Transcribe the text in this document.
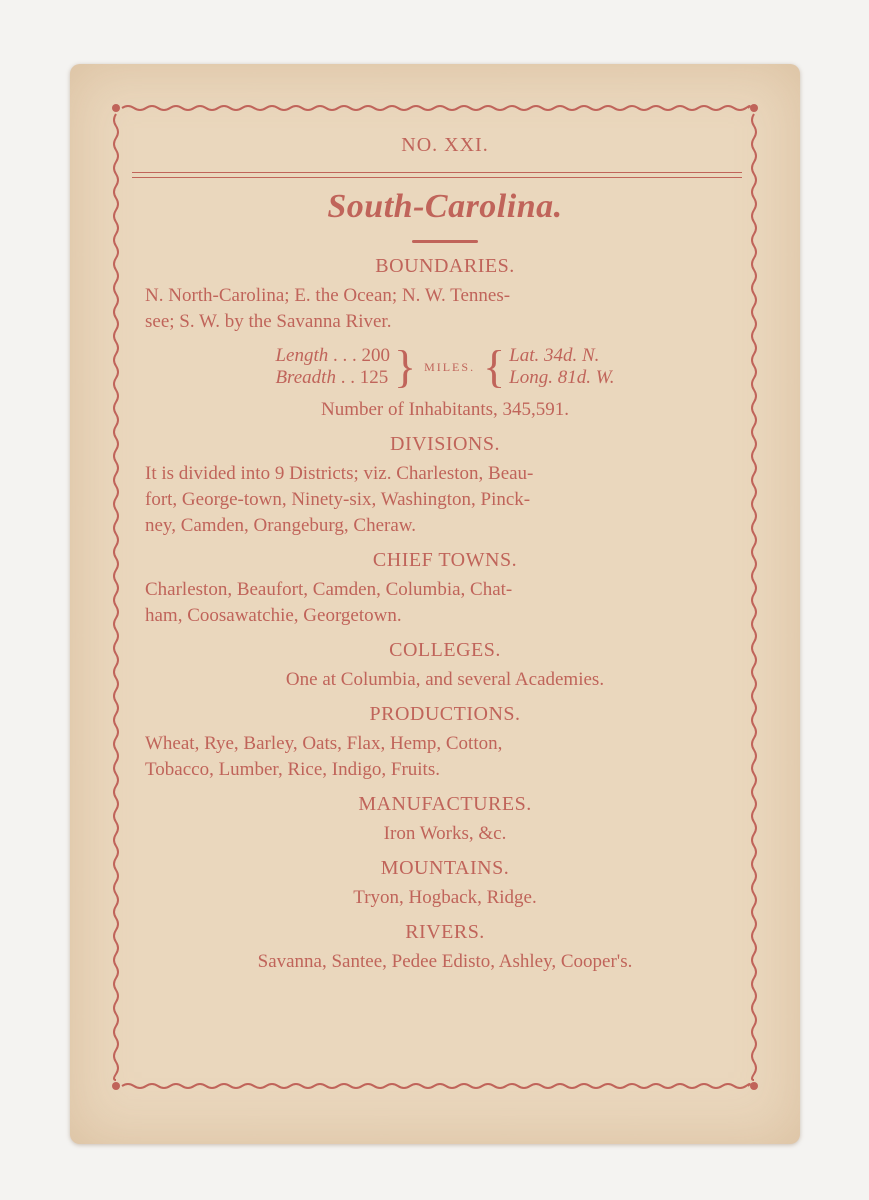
NO. XXI.
South-Carolina.
BOUNDARIES.
N. North-Carolina; E. the Ocean; N. W. Tennes-
see; S. W. by the Savanna River.
Length . . . 200
Breadth . . 125 } MILES. { Lat. 34d. N.
Long. 81d. W.
Number of Inhabitants, 345,591.
DIVISIONS.
It is divided into 9 Districts; viz. Charleston, Beau-
fort, George-town, Ninety-six, Washington, Pinck-
ney, Camden, Orangeburg, Cheraw.
CHIEF TOWNS.
Charleston, Beaufort, Camden, Columbia, Chat-
ham, Coosawatchie, Georgetown.
COLLEGES.
One at Columbia, and several Academies.
PRODUCTIONS.
Wheat, Rye, Barley, Oats, Flax, Hemp, Cotton,
Tobacco, Lumber, Rice, Indigo, Fruits.
MANUFACTURES.
Iron Works, &c.
MOUNTAINS.
Tryon, Hogback, Ridge.
RIVERS.
Savanna, Santee, Pedee Edisto, Ashley, Cooper's.
